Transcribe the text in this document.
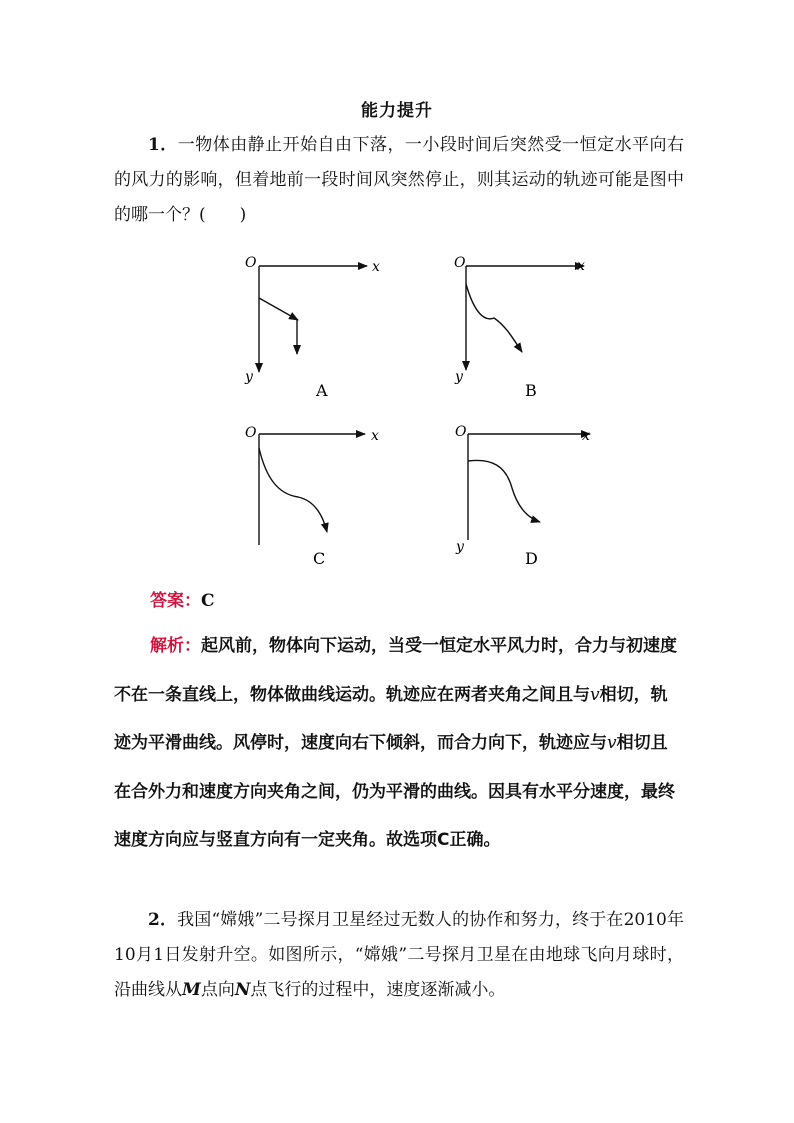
能力提升
1．一物体由静止开始自由下落，一小段时间后突然受一恒定水平向右的风力的影响，但着地前一段时间风突然停止，则其运动的轨迹可能是图中的哪一个？(　　)
O	x
y
A
O	x
y
B
O	x
C
O	x
y
D
答案：C
解析：起风前，物体向下运动，当受一恒定水平风力时，合力与初速度不在一条直线上，物体做曲线运动。轨迹应在两者夹角之间且与v相切，轨迹为平滑曲线。风停时，速度向右下倾斜，而合力向下，轨迹应与v相切且在合外力和速度方向夹角之间，仍为平滑的曲线。因具有水平分速度，最终速度方向应与竖直方向有一定夹角。故选项C正确。
2．我国“嫦娥”二号探月卫星经过无数人的协作和努力，终于在2010年10月1日发射升空。如图所示，“嫦娥”二号探月卫星在由地球飞向月球时，沿曲线从M点向N点飞行的过程中，速度逐渐减小。
